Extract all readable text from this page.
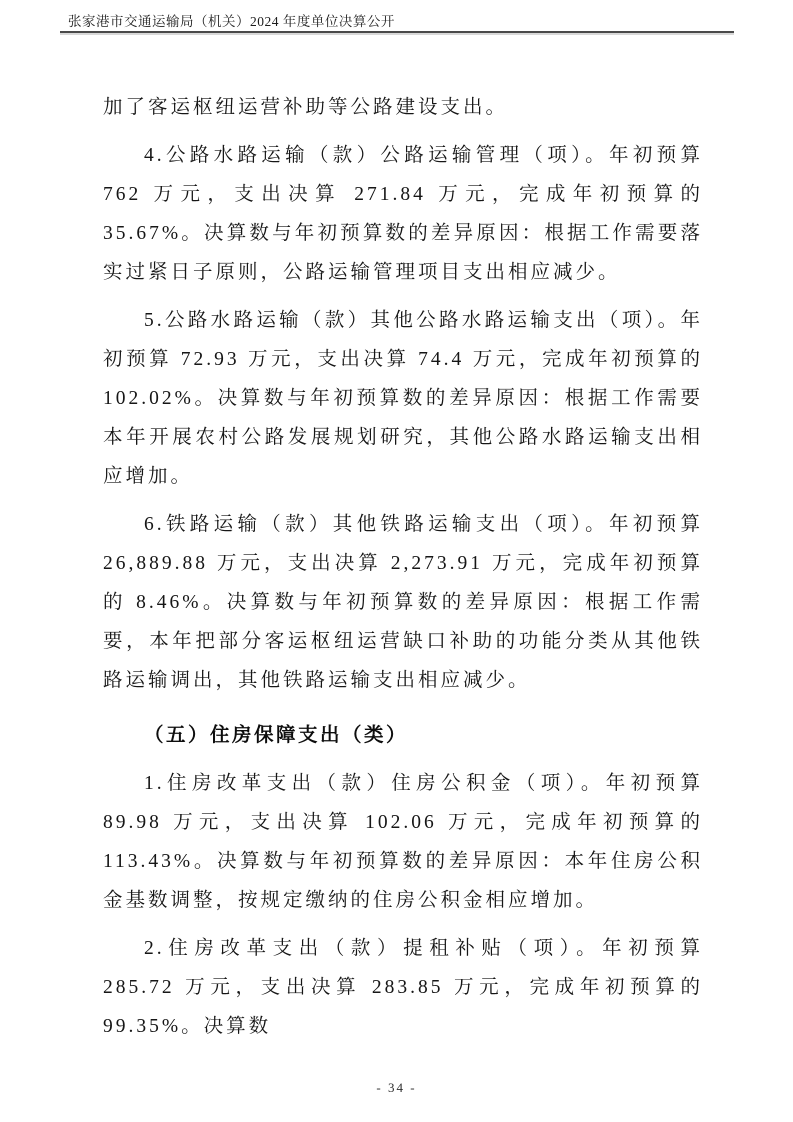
张家港市交通运输局（机关）2024 年度单位决算公开

加了客运枢纽运营补助等公路建设支出。

4.公路水路运输（款）公路运输管理（项）。年初预算 762 万元，支出决算 271.84 万元，完成年初预算的 35.67%。决算数与年初预算数的差异原因：根据工作需要落实过紧日子原则，公路运输管理项目支出相应减少。

5.公路水路运输（款）其他公路水路运输支出（项）。年初预算 72.93 万元，支出决算 74.4 万元，完成年初预算的 102.02%。决算数与年初预算数的差异原因：根据工作需要本年开展农村公路发展规划研究，其他公路水路运输支出相应增加。

6.铁路运输（款）其他铁路运输支出（项）。年初预算 26,889.88 万元，支出决算 2,273.91 万元，完成年初预算的 8.46%。决算数与年初预算数的差异原因：根据工作需要，本年把部分客运枢纽运营缺口补助的功能分类从其他铁路运输调出，其他铁路运输支出相应减少。

（五）住房保障支出（类）

1.住房改革支出（款）住房公积金（项）。年初预算 89.98 万元，支出决算 102.06 万元，完成年初预算的 113.43%。决算数与年初预算数的差异原因：本年住房公积金基数调整，按规定缴纳的住房公积金相应增加。

2.住房改革支出（款）提租补贴（项）。年初预算 285.72 万元，支出决算 283.85 万元，完成年初预算的 99.35%。决算数

- 34 -
